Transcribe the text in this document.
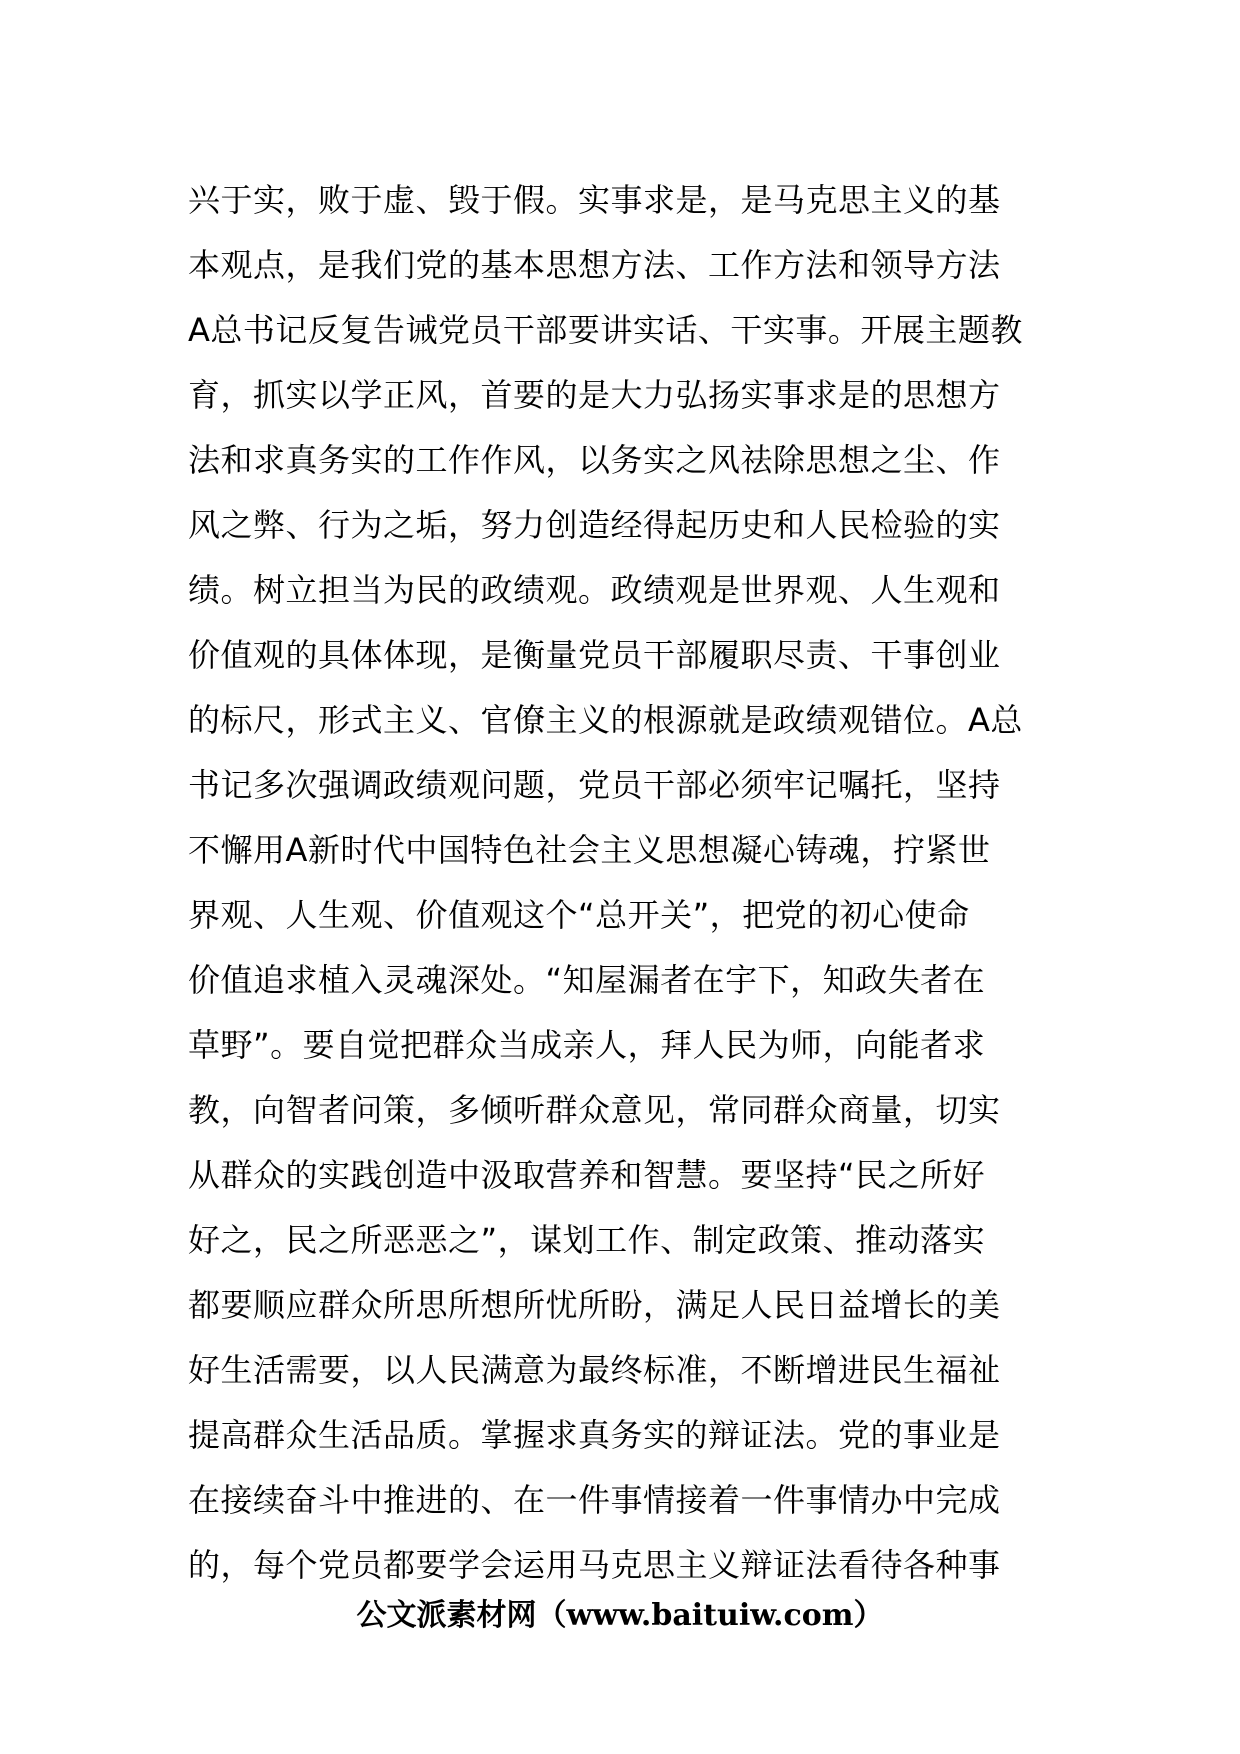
兴于实，败于虚、毁于假。实事求是，是马克思主义的基
本观点，是我们党的基本思想方法、工作方法和领导方法
A总书记反复告诫党员干部要讲实话、干实事。开展主题教
育，抓实以学正风，首要的是大力弘扬实事求是的思想方
法和求真务实的工作作风，以务实之风祛除思想之尘、作
风之弊、行为之垢，努力创造经得起历史和人民检验的实
绩。树立担当为民的政绩观。政绩观是世界观、人生观和
价值观的具体体现，是衡量党员干部履职尽责、干事创业
的标尺，形式主义、官僚主义的根源就是政绩观错位。A总
书记多次强调政绩观问题，党员干部必须牢记嘱托，坚持
不懈用A新时代中国特色社会主义思想凝心铸魂，拧紧世
界观、人生观、价值观这个“总开关”，把党的初心使命
价值追求植入灵魂深处。“知屋漏者在宇下，知政失者在
草野”。要自觉把群众当成亲人，拜人民为师，向能者求
教，向智者问策，多倾听群众意见，常同群众商量，切实
从群众的实践创造中汲取营养和智慧。要坚持“民之所好
好之，民之所恶恶之”，谋划工作、制定政策、推动落实
都要顺应群众所思所想所忧所盼，满足人民日益增长的美
好生活需要，以人民满意为最终标准，不断增进民生福祉
提高群众生活品质。掌握求真务实的辩证法。党的事业是
在接续奋斗中推进的、在一件事情接着一件事情办中完成
的，每个党员都要学会运用马克思主义辩证法看待各种事
公文派素材网（www.baituiw.com）
